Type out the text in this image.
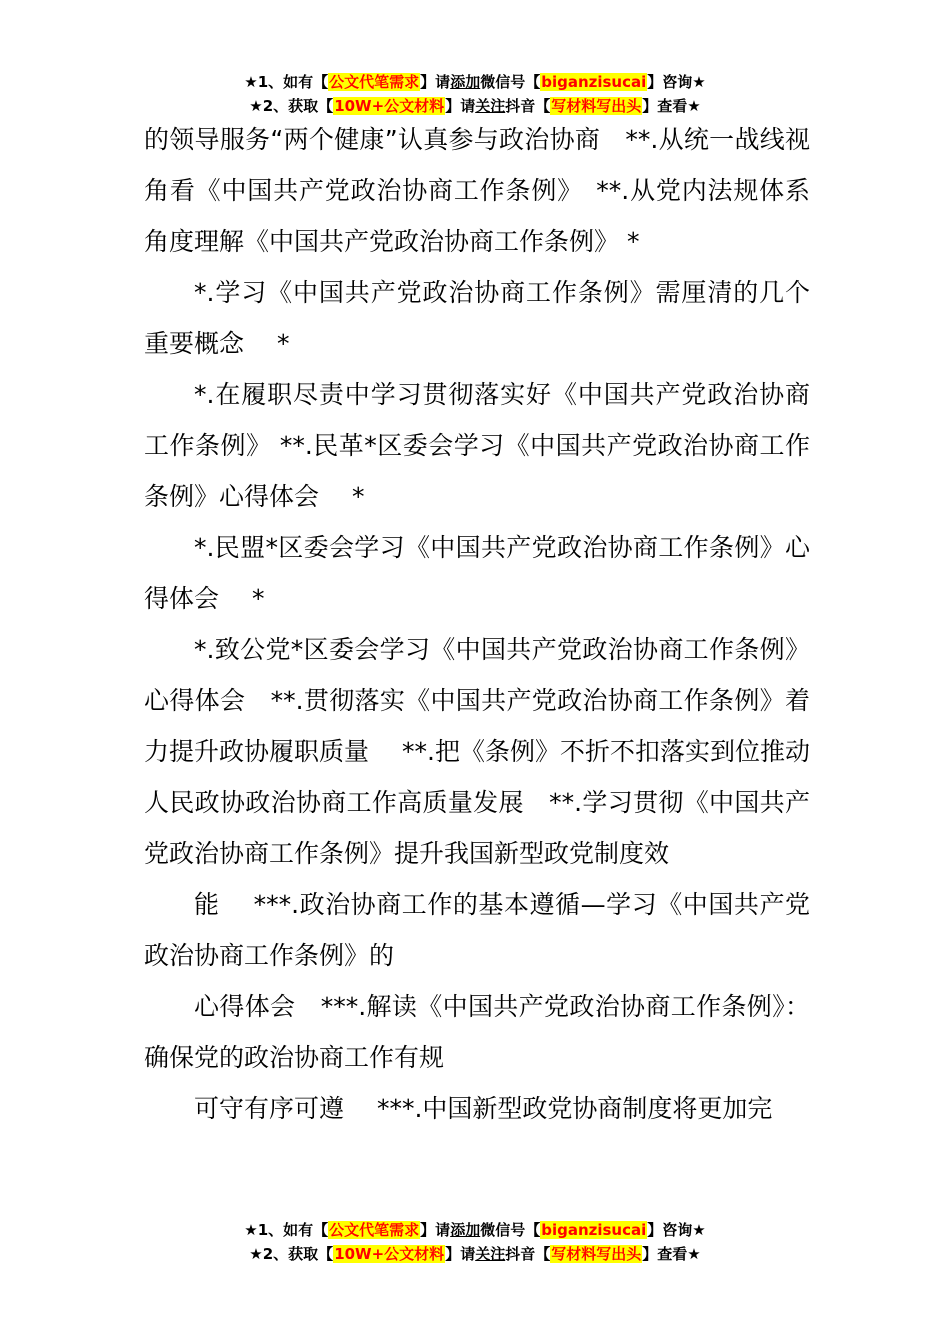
★1、如有【公文代笔需求】请添加微信号【biganzisucai】咨询★
★2、获取【10W+公文材料】请关注抖音【写材料写出头】查看★

的领导服务“两个健康”认真参与政治协商　**.从统一战线视角看《中国共产党政治协商工作条例》　**.从党内法规体系角度理解《中国共产党政治协商工作条例》 *

*.学习《中国共产党政治协商工作条例》需厘清的几个重要概念　 *

*.在履职尽责中学习贯彻落实好《中国共产党政治协商工作条例》 **.民革*区委会学习《中国共产党政治协商工作条例》心得体会　 *

*.民盟*区委会学习《中国共产党政治协商工作条例》心得体会　 *

*.致公党*区委会学习《中国共产党政治协商工作条例》心得体会　**.贯彻落实《中国共产党政治协商工作条例》着力提升政协履职质量　 **.把《条例》不折不扣落实到位推动人民政协政治协商工作高质量发展　**.学习贯彻《中国共产党政治协商工作条例》提升我国新型政党制度效

能　 ***.政治协商工作的基本遵循—学习《中国共产党政治协商工作条例》的

心得体会　***.解读《中国共产党政治协商工作条例》：确保党的政治协商工作有规

可守有序可遵　 ***.中国新型政党协商制度将更加完

★1、如有【公文代笔需求】请添加微信号【biganzisucai】咨询★
★2、获取【10W+公文材料】请关注抖音【写材料写出头】查看★
